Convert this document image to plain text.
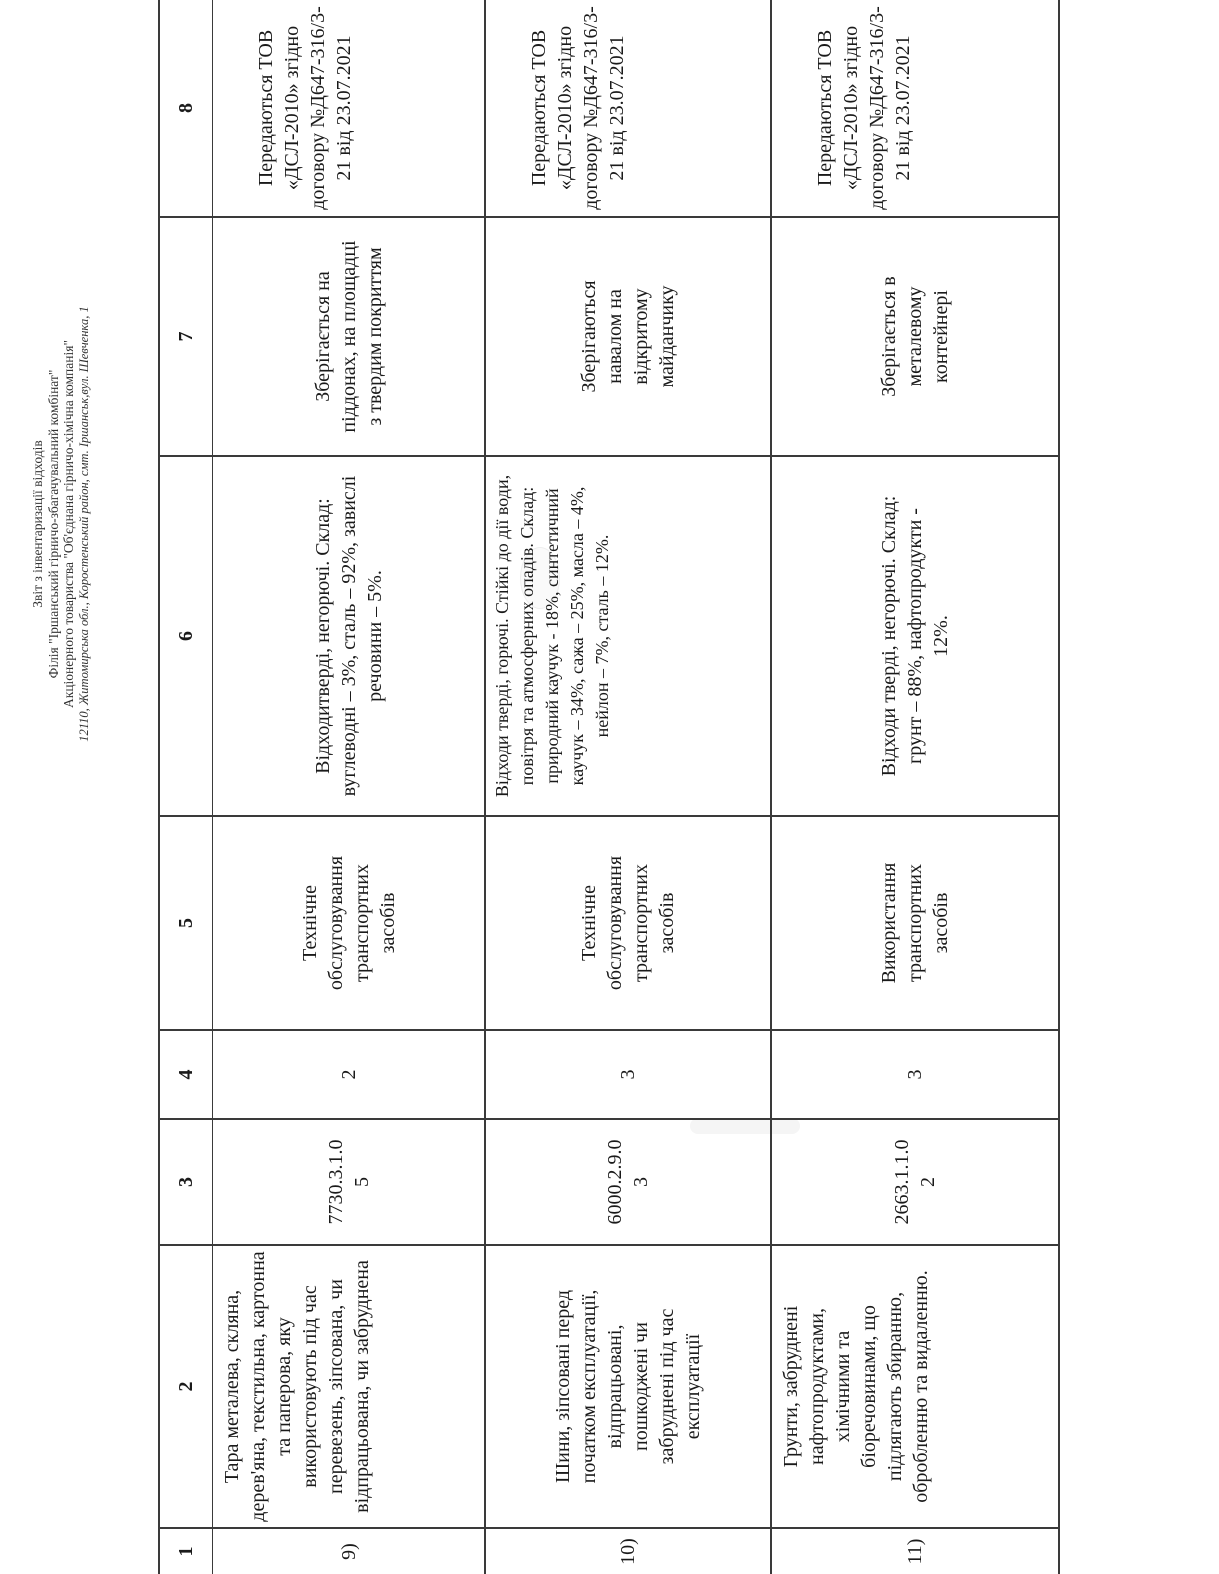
Звіт з інвентаризації відходів Філія "Іршанський гірничо-збагачувальний комбінат" Акціонерного товариства "Об'єднана гірничо-хімічна компанія" 12110, Житомирська обл., Коростенський район, смт. Іршанськ,вул. Шевченка, 1
1
2
3
4
5
6
7
8
9)
Тара металева, скляна, дерев'яна, текстильна, картонна та паперова, яку використовують під час перевезень, зіпсована, чи відпрацьована, чи забруднена
7730.3.1.0 5
2
Технічне обслуговування транспортних засобів
Відходитверді, негорючі. Склад: вуглеводні – 3%, сталь – 92%, завислі речовини – 5%.
Зберігається на піддонах, на площадці з твердим покриттям
Передаються ТОВ «ДСЛ-2010» згідно договору №Д647-316/3-21 від 23.07.2021
10)
Шини, зіпсовані перед початком експлуатації, відпрацьовані, пошкоджені чи забруднені під час експлуатації
6000.2.9.0 3
3
Технічне обслуговування транспортних засобів
Відходи тверді, горючі. Стійкі до дії води, повітря та атмосферних опадів. Склад: природний каучук - 18%, синтетичний каучук – 34%, сажа – 25%, масла – 4%, нейлон – 7%, сталь – 12%.
Зберігаються навалом на відкритому майданчику
Передаються ТОВ «ДСЛ-2010» згідно договору №Д647-316/3-21 від 23.07.2021
11)
Грунти, забруднені нафтопродуктами, хімічними та біоречовинами, що підлягають збиранню, обробленню та видаленню.
2663.1.1.0 2
3
Використання транспортних засобів
Відходи тверді, негорючі. Склад: грунт – 88%, нафтопродукти - 12%.
Зберігається в металевому контейнері
Передаються ТОВ «ДСЛ-2010» згідно договору №Д647-316/3-21 від 23.07.2021
